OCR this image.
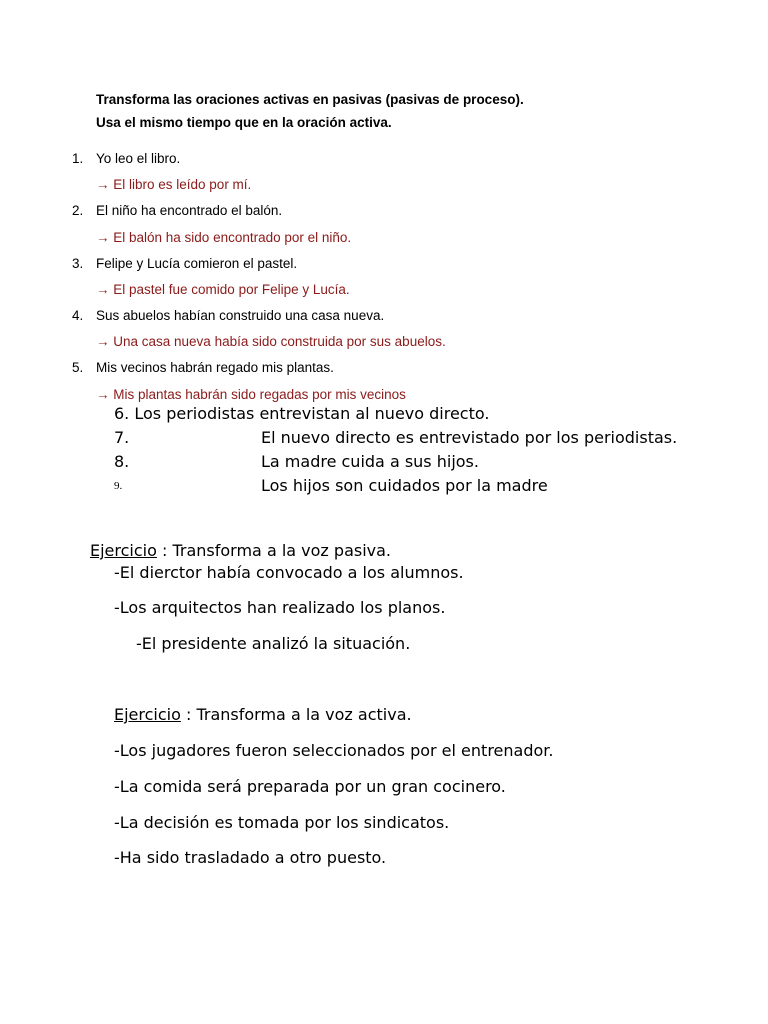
Transforma las oraciones activas en pasivas (pasivas de proceso).
Usa el mismo tiempo que en la oración activa.
1. Yo leo el libro.
→ El libro es leído por mí.
2. El niño ha encontrado el balón.
→ El balón ha sido encontrado por el niño.
3. Felipe y Lucía comieron el pastel.
→ El pastel fue comido por Felipe y Lucía.
4. Sus abuelos habían construido una casa nueva.
→ Una casa nueva había sido construida por sus abuelos.
5. Mis vecinos habrán regado mis plantas.
→ Mis plantas habrán sido regadas por mis vecinos
6. Los periodistas entrevistan al nuevo directo.
7.	El nuevo directo es entrevistado por los periodistas.
8.	La madre cuida a sus hijos.
9.	Los hijos son cuidados por la madre
Ejercicio : Transforma a la voz pasiva.
-El dierctor había convocado a los alumnos.
-Los arquitectos han realizado los planos.
-El presidente analizó la situación.
Ejercicio : Transforma a la voz activa.
-Los jugadores fueron seleccionados por el entrenador.
-La comida será preparada por un gran cocinero.
-La decisión es tomada por los sindicatos.
-Ha sido trasladado a otro puesto.
